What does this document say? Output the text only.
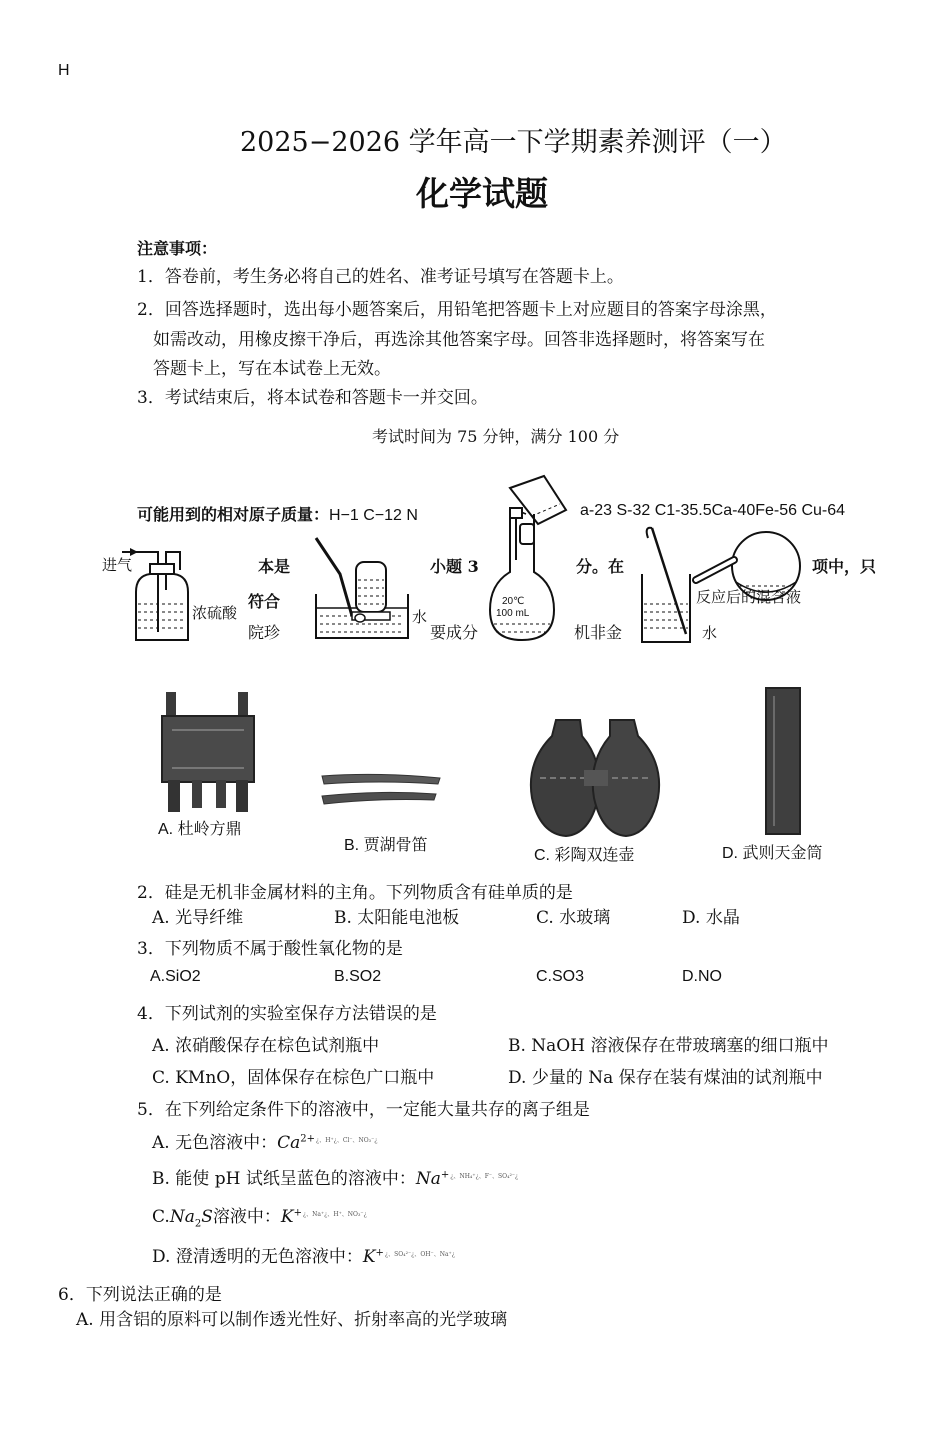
H
2025−2026 学年高一下学期素养测评（一）
化学试题
注意事项：
1．答卷前，考生务必将自己的姓名、准考证号填写在答题卡上。
2．回答选择题时，选出每小题答案后，用铅笔把答题卡上对应题目的答案字母涂黑，
如需改动，用橡皮擦干净后，再选涂其他答案字母。回答非选择题时，将答案写在
答题卡上，写在本试卷上无效。
3．考试结束后，将本试卷和答题卡一并交回。
考试时间为 75 分钟，满分 100 分
可能用到的相对原子质量：H−1 C−12 N	a-23 S-32 C1-35.5Ca-40Fe-56 Cu-64
本是	小题 3	分。在	项中，只
符合
院珍	要成分	机非金
进气
浓硫酸	水
20℃
100 mL
反应后的混合液
水
A. 杜岭方鼎
B. 贾湖骨笛
C. 彩陶双连壶	D. 武则天金筒
2．硅是无机非金属材料的主角。下列物质含有硅单质的是
A. 光导纤维	B. 太阳能电池板	C. 水玻璃	D. 水晶
3．下列物质不属于酸性氧化物的是
A.SiO2	B.SO2	C.SO3	D.NO
4．下列试剂的实验室保存方法错误的是
A. 浓硝酸保存在棕色试剂瓶中	B. NaOH 溶液保存在带玻璃塞的细口瓶中
C. KMnO，固体保存在棕色广口瓶中	D. 少量的 Na 保存在装有煤油的试剂瓶中
5．在下列给定条件下的溶液中，一定能大量共存的离子组是
A. 无色溶液中：$Ca^{2+¿、H^+¿、Cl^-、NO_3^-¿}$
B. 能使 pH 试纸呈蓝色的溶液中：$Na^{+¿、NH_4^+¿、F^-、SO_4^{2-}¿}$
$C.Na_2S$溶液中：$K^{+¿、Na^+¿、H^+、NO_3^-¿}$
D. 澄清透明的无色溶液中：$K^{+¿、SO_4^{2-}¿、OH^-、Na^+¿}$
6．下列说法正确的是
A. 用含铝的原料可以制作透光性好、折射率高的光学玻璃
